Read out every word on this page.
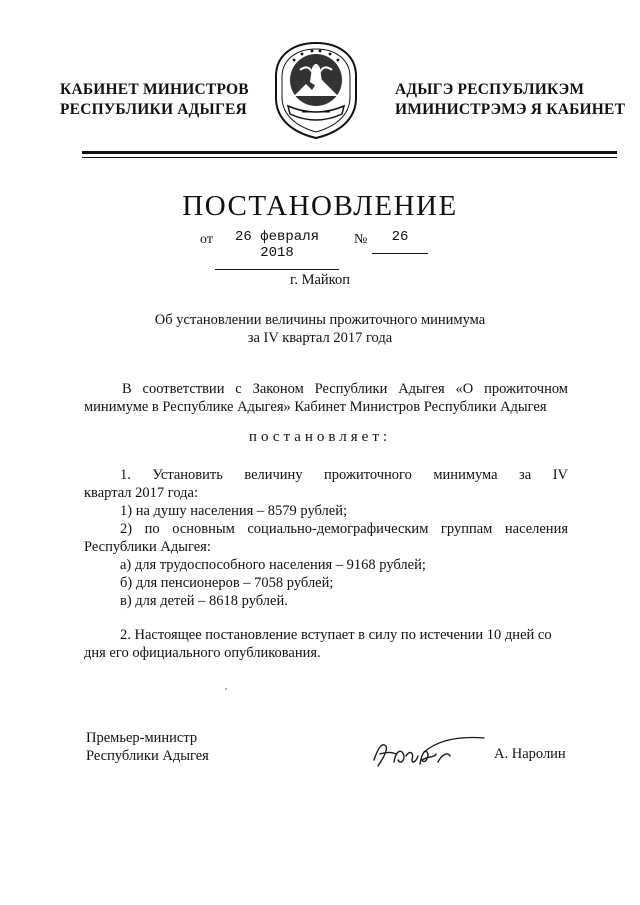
КАБИНЕТ МИНИСТРОВ
РЕСПУБЛИКИ АДЫГЕЯ
АДЫГЭ РЕСПУБЛИКЭМ
ИМИНИСТРЭМЭ Я КАБИНЕТ
ПОСТАНОВЛЕНИЕ
от	26 февраля 2018
№	26
г. Майкоп
Об установлении величины прожиточного минимума
за IV квартал 2017 года
В соответствии с Законом Республики Адыгея «О прожиточном
минимуме в Республике Адыгея» Кабинет Министров Республики Адыгея
постановляет:
1. Установить величину прожиточного минимума за IV
квартал 2017 года:
1) на душу населения – 8579 рублей;
2) по основным социально-демографическим группам населения
Республики Адыгея:
а) для трудоспособного населения – 9168 рублей;
б) для пенсионеров – 7058 рублей;
в) для детей – 8618 рублей.
2. Настоящее постановление вступает в силу по истечении 10 дней со
дня его официального опубликования.
Премьер-министр
Республики Адыгея	А. Наролин
